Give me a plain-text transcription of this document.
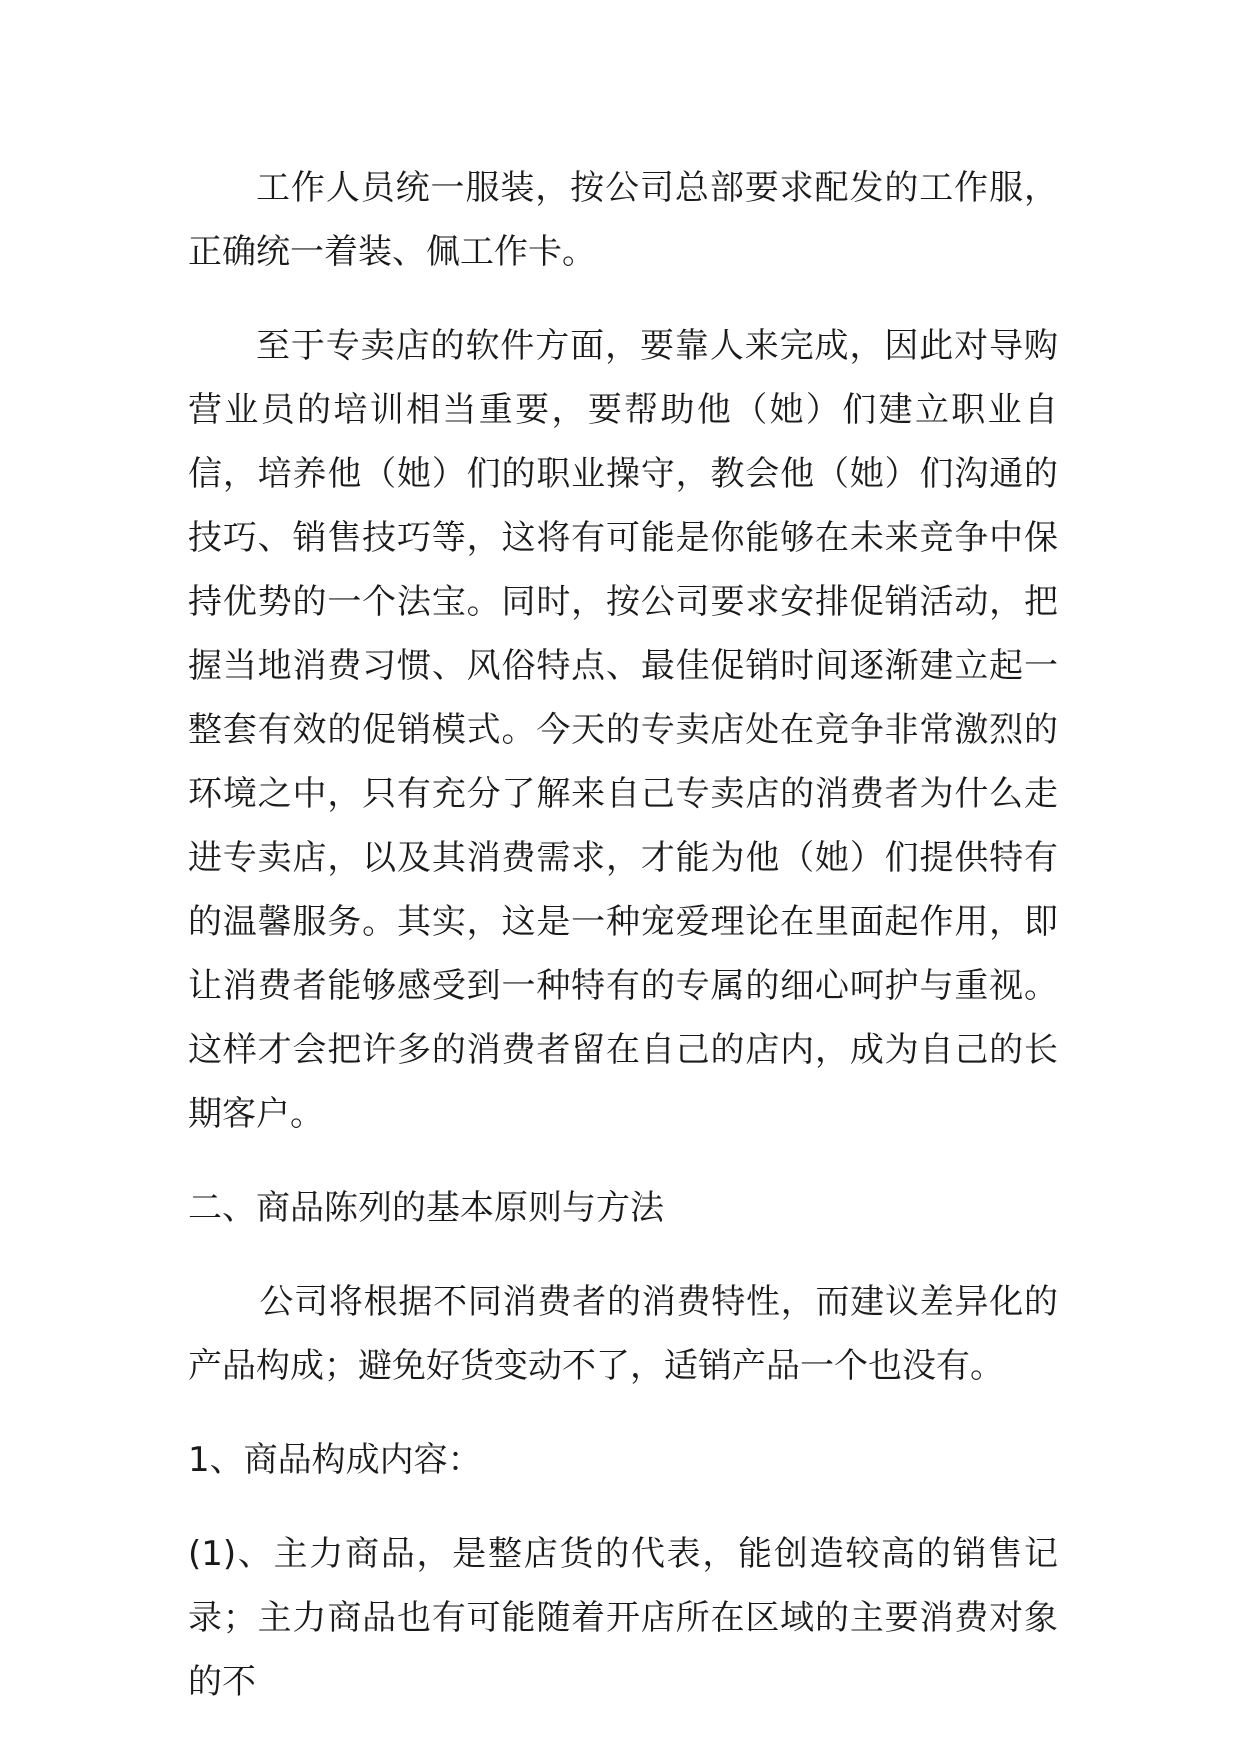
工作人员统一服装，按公司总部要求配发的工作服，正确统一着装、佩工作卡。

至于专卖店的软件方面，要靠人来完成，因此对导购营业员的培训相当重要，要帮助他（她）们建立职业自信，培养他（她）们的职业操守，教会他（她）们沟通的技巧、销售技巧等，这将有可能是你能够在未来竞争中保持优势的一个法宝。同时，按公司要求安排促销活动，把握当地消费习惯、风俗特点、最佳促销时间逐渐建立起一整套有效的促销模式。今天的专卖店处在竞争非常激烈的环境之中，只有充分了解来自己专卖店的消费者为什么走进专卖店，以及其消费需求，才能为他（她）们提供特有的温馨服务。其实，这是一种宠爱理论在里面起作用，即让消费者能够感受到一种特有的专属的细心呵护与重视。这样才会把许多的消费者留在自己的店内，成为自己的长期客户。

二、商品陈列的基本原则与方法

公司将根据不同消费者的消费特性，而建议差异化的产品构成；避免好货变动不了，适销产品一个也没有。

1、商品构成内容：

(1)、主力商品，是整店货的代表，能创造较高的销售记录；主力商品也有可能随着开店所在区域的主要消费对象的不
